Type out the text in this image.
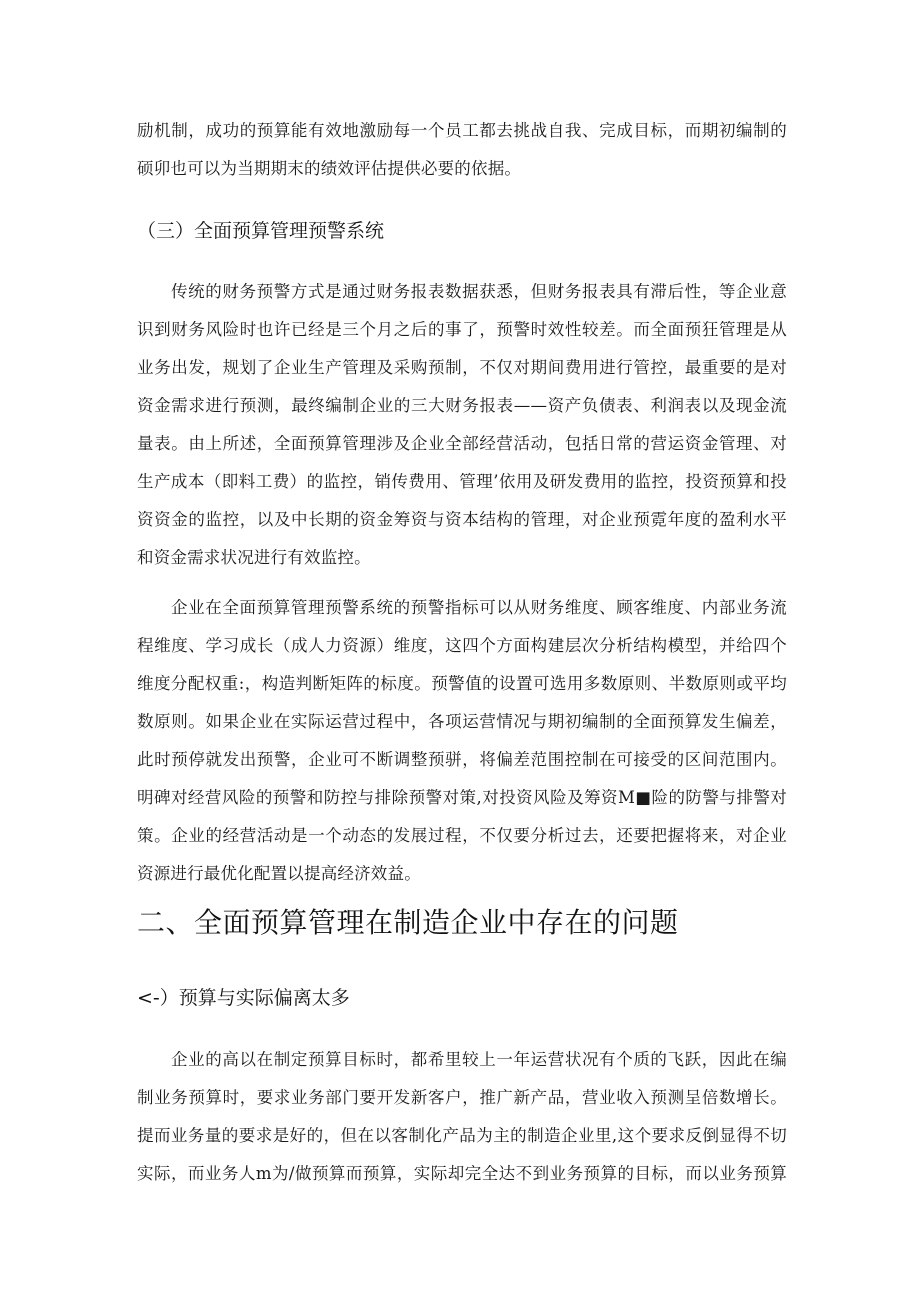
励机制，成功的预算能有效地激励每一个员工都去挑战自我、完成目标，而期初编制的
硕卯也可以为当期期末的绩效评估提供必要的依据。
（三）全面预算管理预警系统
传统的财务预警方式是通过财务报表数据获悉，但财务报表具有滞后性，等企业意
识到财务风险时也许已经是三个月之后的事了，预警时效性较差。而全面预狂管理是从
业务出发，规划了企业生产管理及采购预制，不仅对期间费用进行管控，最重要的是对
资金需求进行预测，最终编制企业的三大财务报表——资产负债表、利润表以及现金流
量表。由上所述，全面预算管理涉及企业全部经营活动，包括日常的营运资金管理、对
生产成本（即料工费）的监控，销传费用、管理’依用及研发费用的监控，投资预算和投
资资金的监控，以及中长期的资金筹资与资本结构的管理，对企业预霓年度的盈利水平
和资金需求状况进行有效监控。
企业在全面预算管理预警系统的预警指标可以从财务维度、顾客维度、内部业务流
程维度、学习成长（成人力资源）维度，这四个方面构建层次分析结构模型，并给四个
维度分配权重:，构造判断矩阵的标度。预警值的设置可选用多数原则、半数原则或平均
数原则。如果企业在实际运营过程中，各项运营情况与期初编制的全面预算发生偏差，
此时预停就发出预警，企业可不断调整预骈，将偏差范围控制在可接受的区间范围内。
明碑对经营风险的预警和防控与排除预警对策,对投资风险及筹资M■险的防警与排警对
策。企业的经营活动是一个动态的发展过程，不仅要分析过去，还要把握将来，对企业
资源进行最优化配置以提高经济效益。
二、全面预算管理在制造企业中存在的问题
<-）预算与实际偏离太多
企业的高以在制定预算目标时，都希里较上一年运营状况有个质的飞跃，因此在编
制业务预算时，要求业务部门要开发新客户，推广新产品，营业收入预测呈倍数增长。
提而业务量的要求是好的，但在以客制化产品为主的制造企业里,这个要求反倒显得不切
实际，而业务人m为/做预算而预算，实际却完全达不到业务预算的目标，而以业务预算
